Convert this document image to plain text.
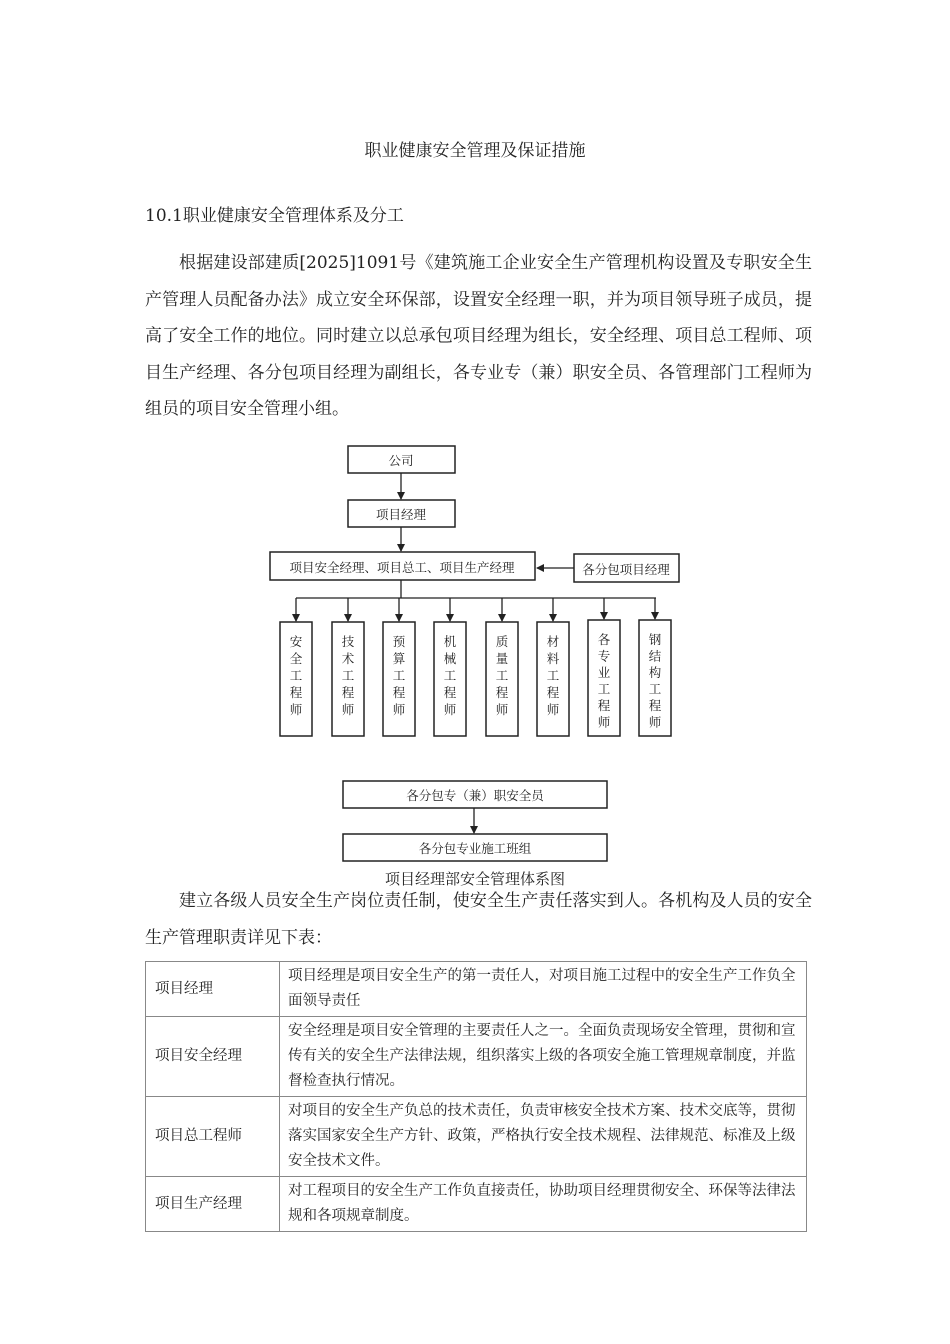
职业健康安全管理及保证措施
10.1职业健康安全管理体系及分工

根据建设部建质[2025]1091号《建筑施工企业安全生产管理机构设置及专职安全生产管理人员配备办法》成立安全环保部，设置安全经理一职，并为项目领导班子成员，提高了安全工作的地位。同时建立以总承包项目经理为组长，安全经理、项目总工程师、项目生产经理、各分包项目经理为副组长，各专业专（兼）职安全员、各管理部门工程师为组员的项目安全管理小组。

安全工程师
技术工程师
预算工程师
机械工程师
质量工程师
材料工程师
各专业工程师
钢结构工程师
公司
项目经理
项目安全经理、项目总工、项目生产经理	各分包项目经理
各分包专（兼）职安全员
各分包专业施工班组
项目经理部安全管理体系图

建立各级人员安全生产岗位责任制，使安全生产责任落实到人。各机构及人员的安全生产管理职责详见下表：

项目经理	项目经理是项目安全生产的第一责任人，对项目施工过程中的安全生产工作负全面领导责任
项目安全经理	安全经理是项目安全管理的主要责任人之一。全面负责现场安全管理，贯彻和宣传有关的安全生产法律法规，组织落实上级的各项安全施工管理规章制度，并监督检查执行情况。
项目总工程师	对项目的安全生产负总的技术责任，负责审核安全技术方案、技术交底等，贯彻落实国家安全生产方针、政策，严格执行安全技术规程、法律规范、标准及上级安全技术文件。
项目生产经理	对工程项目的安全生产工作负直接责任，协助项目经理贯彻安全、环保等法律法规和各项规章制度。
